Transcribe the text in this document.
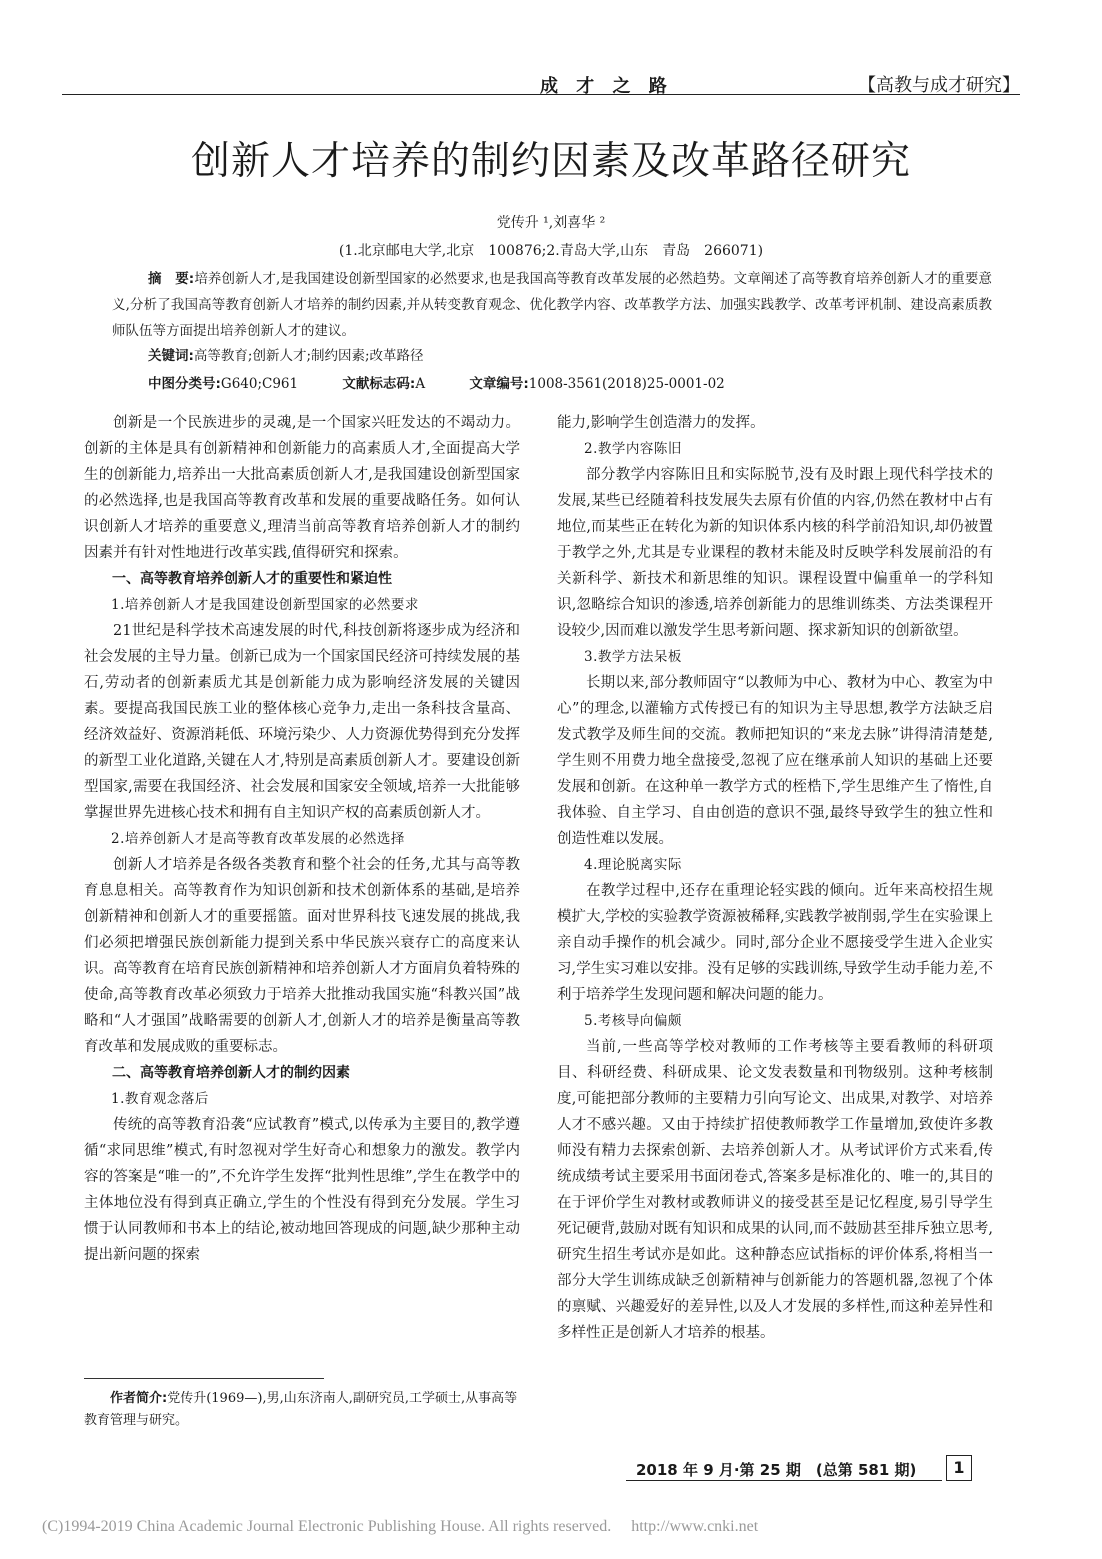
成 才 之 路	【高教与成才研究】
创新人才培养的制约因素及改革路径研究
党传升 ¹,刘喜华 ²
(1.北京邮电大学,北京　100876;2.青岛大学,山东　青岛　266071)
摘　要:培养创新人才,是我国建设创新型国家的必然要求,也是我国高等教育改革发展的必然趋势。文章阐述了高等教育培养创新人才的重要意义,分析了我国高等教育创新人才培养的制约因素,并从转变教育观念、优化教学内容、改革教学方法、加强实践教学、改革考评机制、建设高素质教师队伍等方面提出培养创新人才的建议。
关键词:高等教育;创新人才;制约因素;改革路径
中图分类号:G640;C961	文献标志码:A	文章编号:1008-3561(2018)25-0001-02

创新是一个民族进步的灵魂,是一个国家兴旺发达的不竭动力。创新的主体是具有创新精神和创新能力的高素质人才,全面提高大学生的创新能力,培养出一大批高素质创新人才,是我国建设创新型国家的必然选择,也是我国高等教育改革和发展的重要战略任务。如何认识创新人才培养的重要意义,理清当前高等教育培养创新人才的制约因素并有针对性地进行改革实践,值得研究和探索。

一、高等教育培养创新人才的重要性和紧迫性

1.培养创新人才是我国建设创新型国家的必然要求

21世纪是科学技术高速发展的时代,科技创新将逐步成为经济和社会发展的主导力量。创新已成为一个国家国民经济可持续发展的基石,劳动者的创新素质尤其是创新能力成为影响经济发展的关键因素。要提高我国民族工业的整体核心竞争力,走出一条科技含量高、经济效益好、资源消耗低、环境污染少、人力资源优势得到充分发挥的新型工业化道路,关键在人才,特别是高素质创新人才。要建设创新型国家,需要在我国经济、社会发展和国家安全领域,培养一大批能够掌握世界先进核心技术和拥有自主知识产权的高素质创新人才。

2.培养创新人才是高等教育改革发展的必然选择

创新人才培养是各级各类教育和整个社会的任务,尤其与高等教育息息相关。高等教育作为知识创新和技术创新体系的基础,是培养创新精神和创新人才的重要摇篮。面对世界科技飞速发展的挑战,我们必须把增强民族创新能力提到关系中华民族兴衰存亡的高度来认识。高等教育在培育民族创新精神和培养创新人才方面肩负着特殊的使命,高等教育改革必须致力于培养大批推动我国实施“科教兴国”战略和“人才强国”战略需要的创新人才,创新人才的培养是衡量高等教育改革和发展成败的重要标志。

二、高等教育培养创新人才的制约因素

1.教育观念落后

传统的高等教育沿袭“应试教育”模式,以传承为主要目的,教学遵循“求同思维”模式,有时忽视对学生好奇心和想象力的激发。教学内容的答案是“唯一的”,不允许学生发挥“批判性思维”,学生在教学中的主体地位没有得到真正确立,学生的个性没有得到充分发展。学生习惯于认同教师和书本上的结论,被动地回答现成的问题,缺少那种主动提出新问题的探索

能力,影响学生创造潜力的发挥。

2.教学内容陈旧

部分教学内容陈旧且和实际脱节,没有及时跟上现代科学技术的发展,某些已经随着科技发展失去原有价值的内容,仍然在教材中占有地位,而某些正在转化为新的知识体系内核的科学前沿知识,却仍被置于教学之外,尤其是专业课程的教材未能及时反映学科发展前沿的有关新科学、新技术和新思维的知识。课程设置中偏重单一的学科知识,忽略综合知识的渗透,培养创新能力的思维训练类、方法类课程开设较少,因而难以激发学生思考新问题、探求新知识的创新欲望。

3.教学方法呆板

长期以来,部分教师固守“以教师为中心、教材为中心、教室为中心”的理念,以灌输方式传授已有的知识为主导思想,教学方法缺乏启发式教学及师生间的交流。教师把知识的“来龙去脉”讲得清清楚楚,学生则不用费力地全盘接受,忽视了应在继承前人知识的基础上还要发展和创新。在这种单一教学方式的桎梏下,学生思维产生了惰性,自我体验、自主学习、自由创造的意识不强,最终导致学生的独立性和创造性难以发展。

4.理论脱离实际

在教学过程中,还存在重理论轻实践的倾向。近年来高校招生规模扩大,学校的实验教学资源被稀释,实践教学被削弱,学生在实验课上亲自动手操作的机会减少。同时,部分企业不愿接受学生进入企业实习,学生实习难以安排。没有足够的实践训练,导致学生动手能力差,不利于培养学生发现问题和解决问题的能力。

5.考核导向偏颇

当前,一些高等学校对教师的工作考核等主要看教师的科研项目、科研经费、科研成果、论文发表数量和刊物级别。这种考核制度,可能把部分教师的主要精力引向写论文、出成果,对教学、对培养人才不感兴趣。又由于持续扩招使教师教学工作量增加,致使许多教师没有精力去探索创新、去培养创新人才。从考试评价方式来看,传统成绩考试主要采用书面闭卷式,答案多是标准化的、唯一的,其目的在于评价学生对教材或教师讲义的接受甚至是记忆程度,易引导学生死记硬背,鼓励对既有知识和成果的认同,而不鼓励甚至排斥独立思考,研究生招生考试亦是如此。这种静态应试指标的评价体系,将相当一部分大学生训练成缺乏创新精神与创新能力的答题机器,忽视了个体的禀赋、兴趣爱好的差异性,以及人才发展的多样性,而这种差异性和多样性正是创新人才培养的根基。

作者简介:党传升(1969—),男,山东济南人,副研究员,工学硕士,从事高等教育管理与研究。
2018 年 9 月·第 25 期　(总第 581 期)	1
(C)1994-2019 China Academic Journal Electronic Publishing House. All rights reserved.　 http://www.cnki.net
